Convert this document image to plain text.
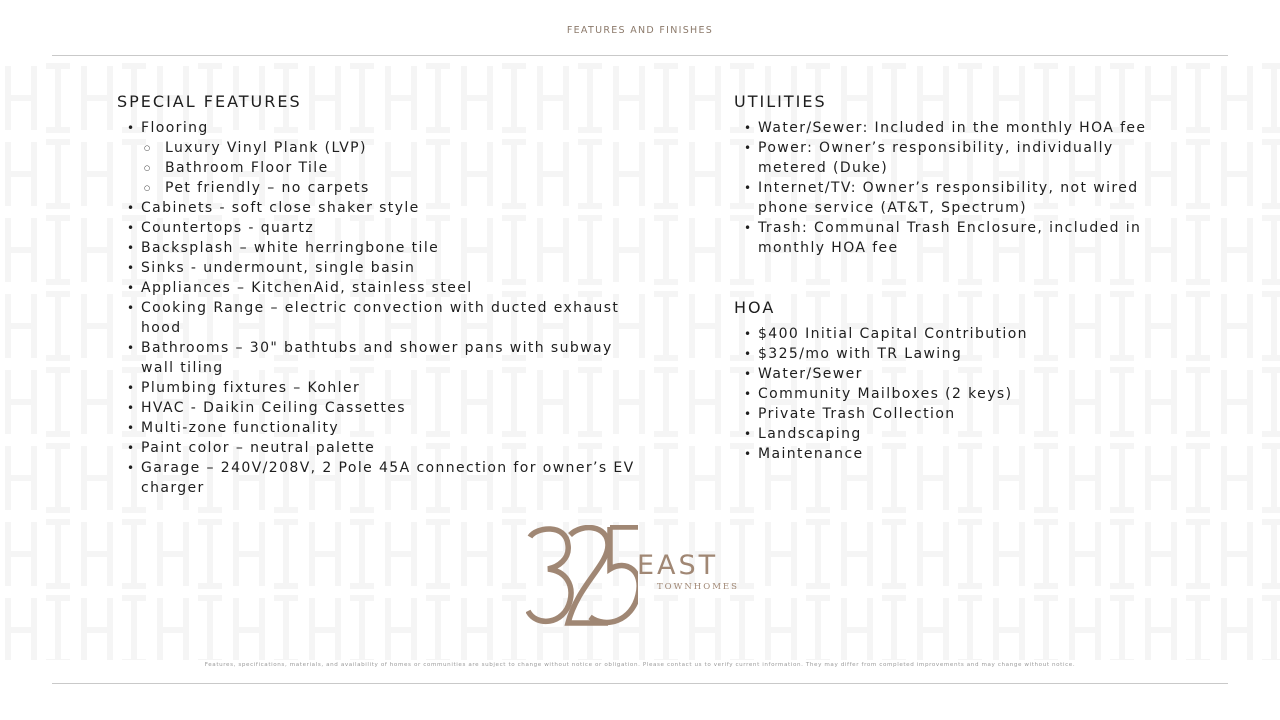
FEATURES AND FINISHES
SPECIAL FEATURES
• Flooring
○ Luxury Vinyl Plank (LVP)
○ Bathroom Floor Tile
○ Pet friendly – no carpets
• Cabinets - soft close shaker style
• Countertops - quartz
• Backsplash – white herringbone tile
• Sinks - undermount, single basin
• Appliances – KitchenAid, stainless steel
• Cooking Range – electric convection with ducted exhaust hood
• Bathrooms – 30" bathtubs and shower pans with subway wall tiling
• Plumbing fixtures – Kohler
• HVAC - Daikin Ceiling Cassettes
• Multi-zone functionality
• Paint color – neutral palette
• Garage – 240V/208V, 2 Pole 45A connection for owner’s EV charger
UTILITIES
• Water/Sewer: Included in the monthly HOA fee
• Power: Owner’s responsibility, individually metered (Duke)
• Internet/TV: Owner’s responsibility, not wired phone service (AT&T, Spectrum)
• Trash: Communal Trash Enclosure, included in monthly HOA fee
HOA
• $400 Initial Capital Contribution
• $325/mo with TR Lawing
• Water/Sewer
• Community Mailboxes (2 keys)
• Private Trash Collection
• Landscaping
• Maintenance
EAST
TOWNHOMES
Features, specifications, materials, and availability of homes or communities are subject to change without notice or obligation. Please contact us to verify current information. They may differ from completed improvements and may change without notice.
